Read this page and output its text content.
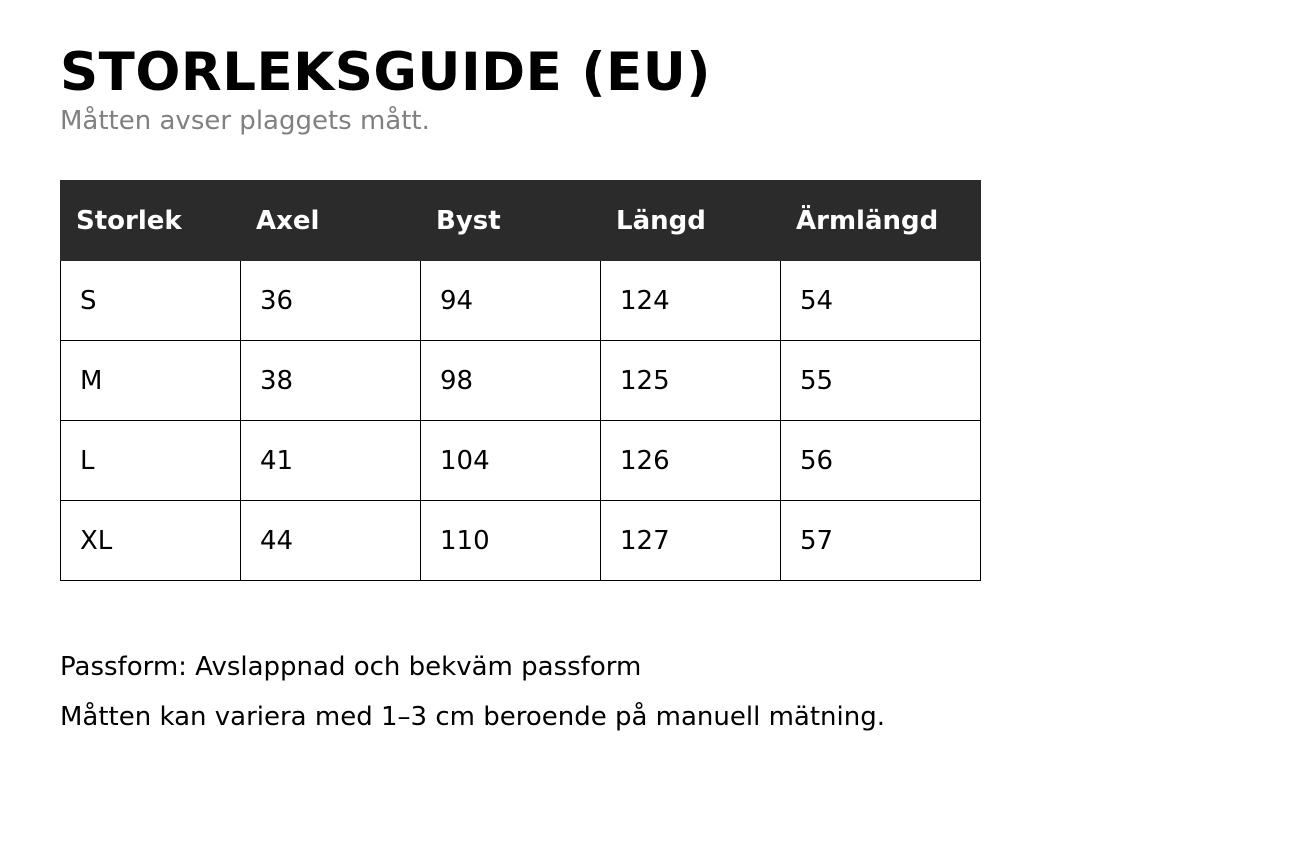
STORLEKSGUIDE (EU)

Måtten avser plaggets mått.

Storlek	Axel	Byst	Längd	Ärmlängd
S	36	94	124	54
M	38	98	125	55
L	41	104	126	56
XL	44	110	127	57

Passform: Avslappnad och bekväm passform

Måtten kan variera med 1–3 cm beroende på manuell mätning.
